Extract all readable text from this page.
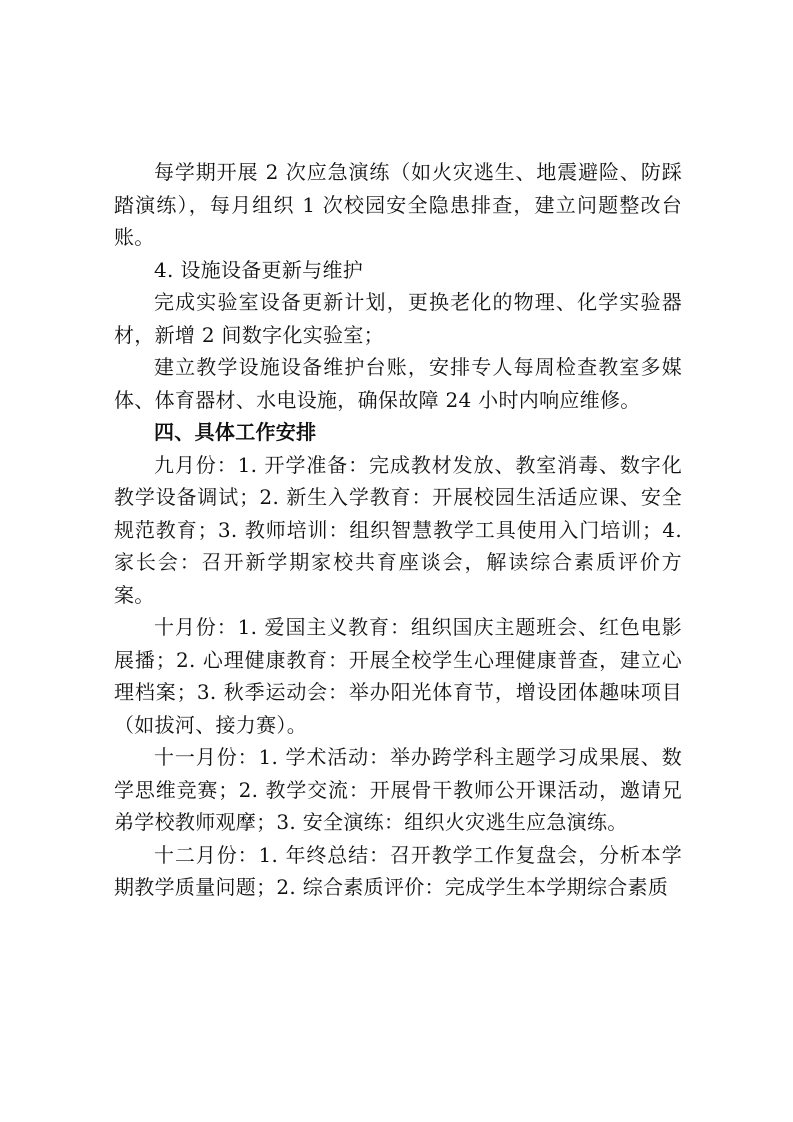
每学期开展 2 次应急演练（如火灾逃生、地震避险、防踩踏演练），每月组织 1 次校园安全隐患排查，建立问题整改台账。

4. 设施设备更新与维护

完成实验室设备更新计划，更换老化的物理、化学实验器材，新增 2 间数字化实验室；

建立教学设施设备维护台账，安排专人每周检查教室多媒体、体育器材、水电设施，确保故障 24 小时内响应维修。

四、具体工作安排

九月份：1. 开学准备：完成教材发放、教室消毒、数字化教学设备调试；2. 新生入学教育：开展校园生活适应课、安全规范教育；3. 教师培训：组织智慧教学工具使用入门培训；4. 家长会：召开新学期家校共育座谈会，解读综合素质评价方案。

十月份：1. 爱国主义教育：组织国庆主题班会、红色电影展播；2. 心理健康教育：开展全校学生心理健康普查，建立心理档案；3. 秋季运动会：举办阳光体育节，增设团体趣味项目（如拔河、接力赛）。

十一月份：1. 学术活动：举办跨学科主题学习成果展、数学思维竞赛；2. 教学交流：开展骨干教师公开课活动，邀请兄弟学校教师观摩；3. 安全演练：组织火灾逃生应急演练。

十二月份：1. 年终总结：召开教学工作复盘会，分析本学期教学质量问题；2. 综合素质评价：完成学生本学期综合素质
